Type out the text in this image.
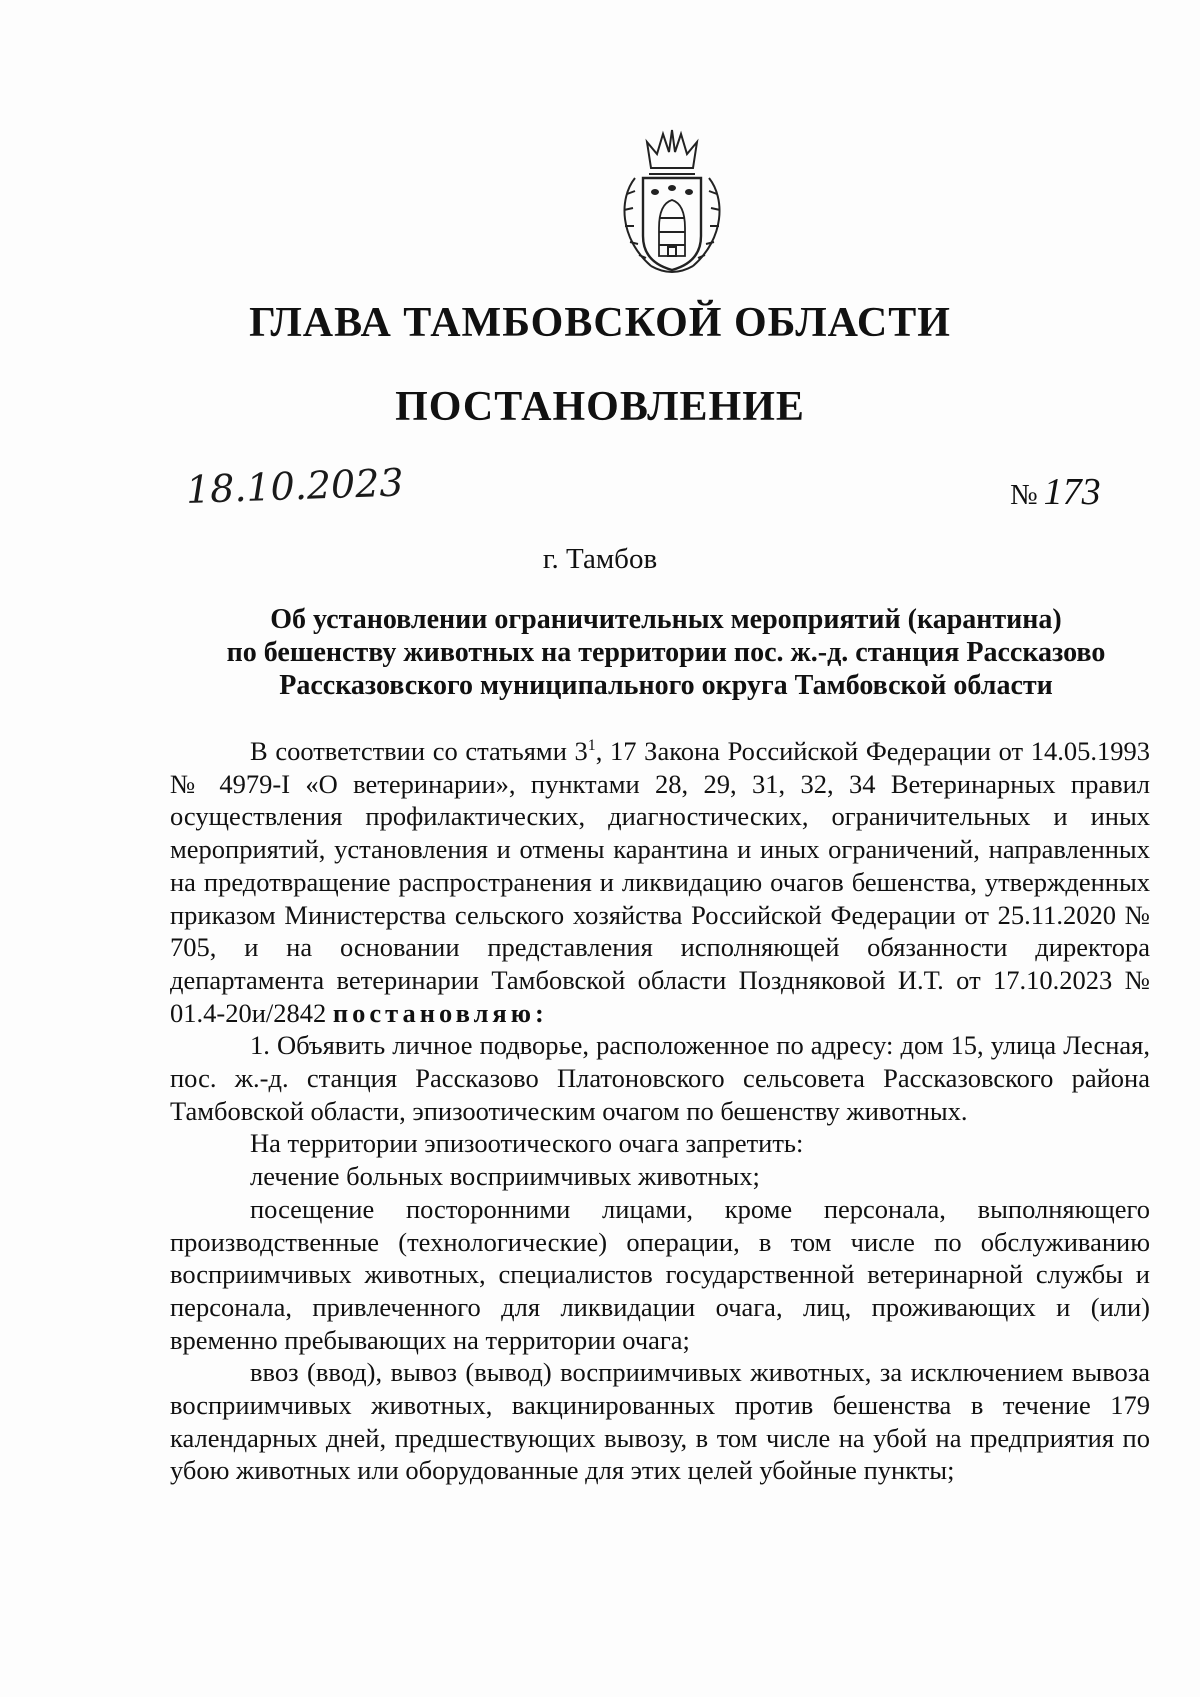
ГЛАВА ТАМБОВСКОЙ ОБЛАСТИ
ПОСТАНОВЛЕНИЕ
18.10.2023	№ 173
г. Тамбов
Об установлении ограничительных мероприятий (карантина)
по бешенству животных на территории пос. ж.-д. станция Рассказово
Рассказовского муниципального округа Тамбовской области

В соответствии со статьями $3^1$, 17 Закона Российской Федерации от 14.05.1993 № 4979-I «О ветеринарии», пунктами 28, 29, 31, 32, 34 Ветеринарных правил осуществления профилактических, диагностических, ограничительных и иных мероприятий, установления и отмены карантина и иных ограничений, направленных на предотвращение распространения и ликвидацию очагов бешенства, утвержденных приказом Министерства сельского хозяйства Российской Федерации от 25.11.2020 № 705, и на основании представления исполняющей обязанности директора департамента ветеринарии Тамбовской области Поздняковой И.Т. от 17.10.2023 № 01.4-20и/2842 постановляю:

1. Объявить личное подворье, расположенное по адресу: дом 15, улица Лесная, пос. ж.-д. станция Рассказово Платоновского сельсовета Рассказовского района Тамбовской области, эпизоотическим очагом по бешенству животных.

На территории эпизоотического очага запретить:

лечение больных восприимчивых животных;

посещение посторонними лицами, кроме персонала, выполняющего производственные (технологические) операции, в том числе по обслуживанию восприимчивых животных, специалистов государственной ветеринарной службы и персонала, привлеченного для ликвидации очага, лиц, проживающих и (или) временно пребывающих на территории очага;

ввоз (ввод), вывоз (вывод) восприимчивых животных, за исключением вывоза восприимчивых животных, вакцинированных против бешенства в течение 179 календарных дней, предшествующих вывозу, в том числе на убой на предприятия по убою животных или оборудованные для этих целей убойные пункты;
